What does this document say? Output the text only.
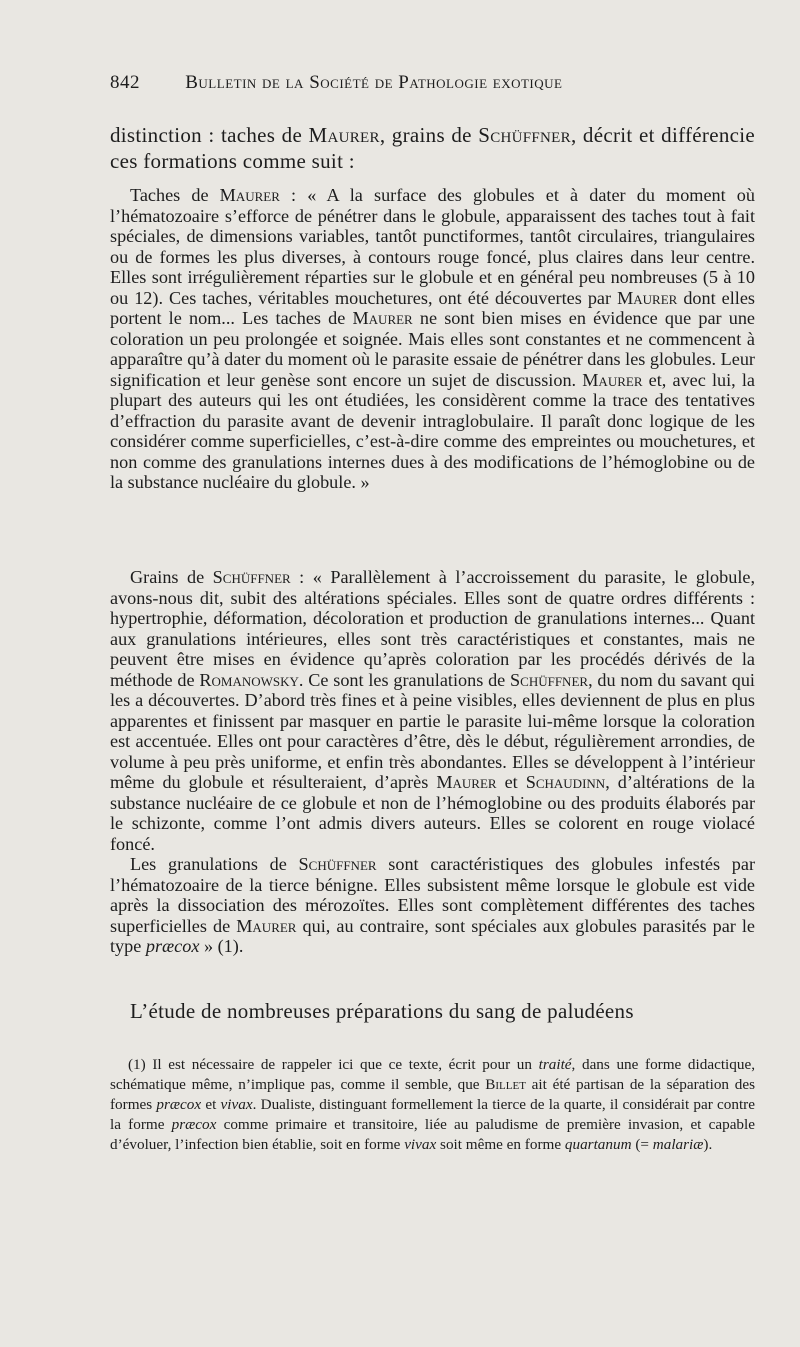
842 Bulletin de la Société de Pathologie exotique

distinction : taches de Maurer, grains de Schüffner, décrit et différencie ces formations comme suit :

Taches de Maurer : « A la surface des globules et à dater du moment où l’hématozoaire s’efforce de pénétrer dans le globule, apparaissent des taches tout à fait spéciales, de dimensions variables, tantôt punctiformes, tantôt circulaires, triangulaires ou de formes les plus diverses, à contours rouge foncé, plus claires dans leur centre. Elles sont irrégulièrement réparties sur le globule et en général peu nombreuses (5 à 10 ou 12). Ces taches, véritables mouchetures, ont été découvertes par Maurer dont elles portent le nom... Les taches de Maurer ne sont bien mises en évidence que par une coloration un peu prolongée et soignée. Mais elles sont constantes et ne commencent à apparaître qu’à dater du moment où le parasite essaie de pénétrer dans les globules. Leur signification et leur genèse sont encore un sujet de discussion. Maurer et, avec lui, la plupart des auteurs qui les ont étudiées, les considèrent comme la trace des tentatives d’effraction du parasite avant de devenir intraglobulaire. Il paraît donc logique de les considérer comme superficielles, c’est-à-dire comme des empreintes ou mouchetures, et non comme des granulations internes dues à des modifications de l’hémoglobine ou de la substance nucléaire du globule. »

Grains de Schüffner : « Parallèlement à l’accroissement du parasite, le globule, avons-nous dit, subit des altérations spéciales. Elles sont de quatre ordres différents : hypertrophie, déformation, décoloration et production de granulations internes... Quant aux granulations intérieures, elles sont très caractéristiques et constantes, mais ne peuvent être mises en évidence qu’après coloration par les procédés dérivés de la méthode de Romanowsky. Ce sont les granulations de Schüffner, du nom du savant qui les a découvertes. D’abord très fines et à peine visibles, elles deviennent de plus en plus apparentes et finissent par masquer en partie le parasite lui-même lorsque la coloration est accentuée. Elles ont pour caractères d’être, dès le début, régulièrement arrondies, de volume à peu près uniforme, et enfin très abondantes. Elles se développent à l’intérieur même du globule et résulteraient, d’après Maurer et Schaudinn, d’altérations de la substance nucléaire de ce globule et non de l’hémoglobine ou des produits élaborés par le schizonte, comme l’ont admis divers auteurs. Elles se colorent en rouge violacé foncé.

Les granulations de Schüffner sont caractéristiques des globules infestés par l’hématozoaire de la tierce bénigne. Elles subsistent même lorsque le globule est vide après la dissociation des mérozoïtes. Elles sont complètement différentes des taches superficielles de Maurer qui, au contraire, sont spéciales aux globules parasités par le type præcox » (1).

L’étude de nombreuses préparations du sang de paludéens

(1) Il est nécessaire de rappeler ici que ce texte, écrit pour un traité, dans une forme didactique, schématique même, n’implique pas, comme il semble, que Billet ait été partisan de la séparation des formes præcox et vivax. Dualiste, distinguant formellement la tierce de la quarte, il considérait par contre la forme præcox comme primaire et transitoire, liée au paludisme de première invasion, et capable d’évoluer, l’infection bien établie, soit en forme vivax soit même en forme quartanum (= malariæ).
